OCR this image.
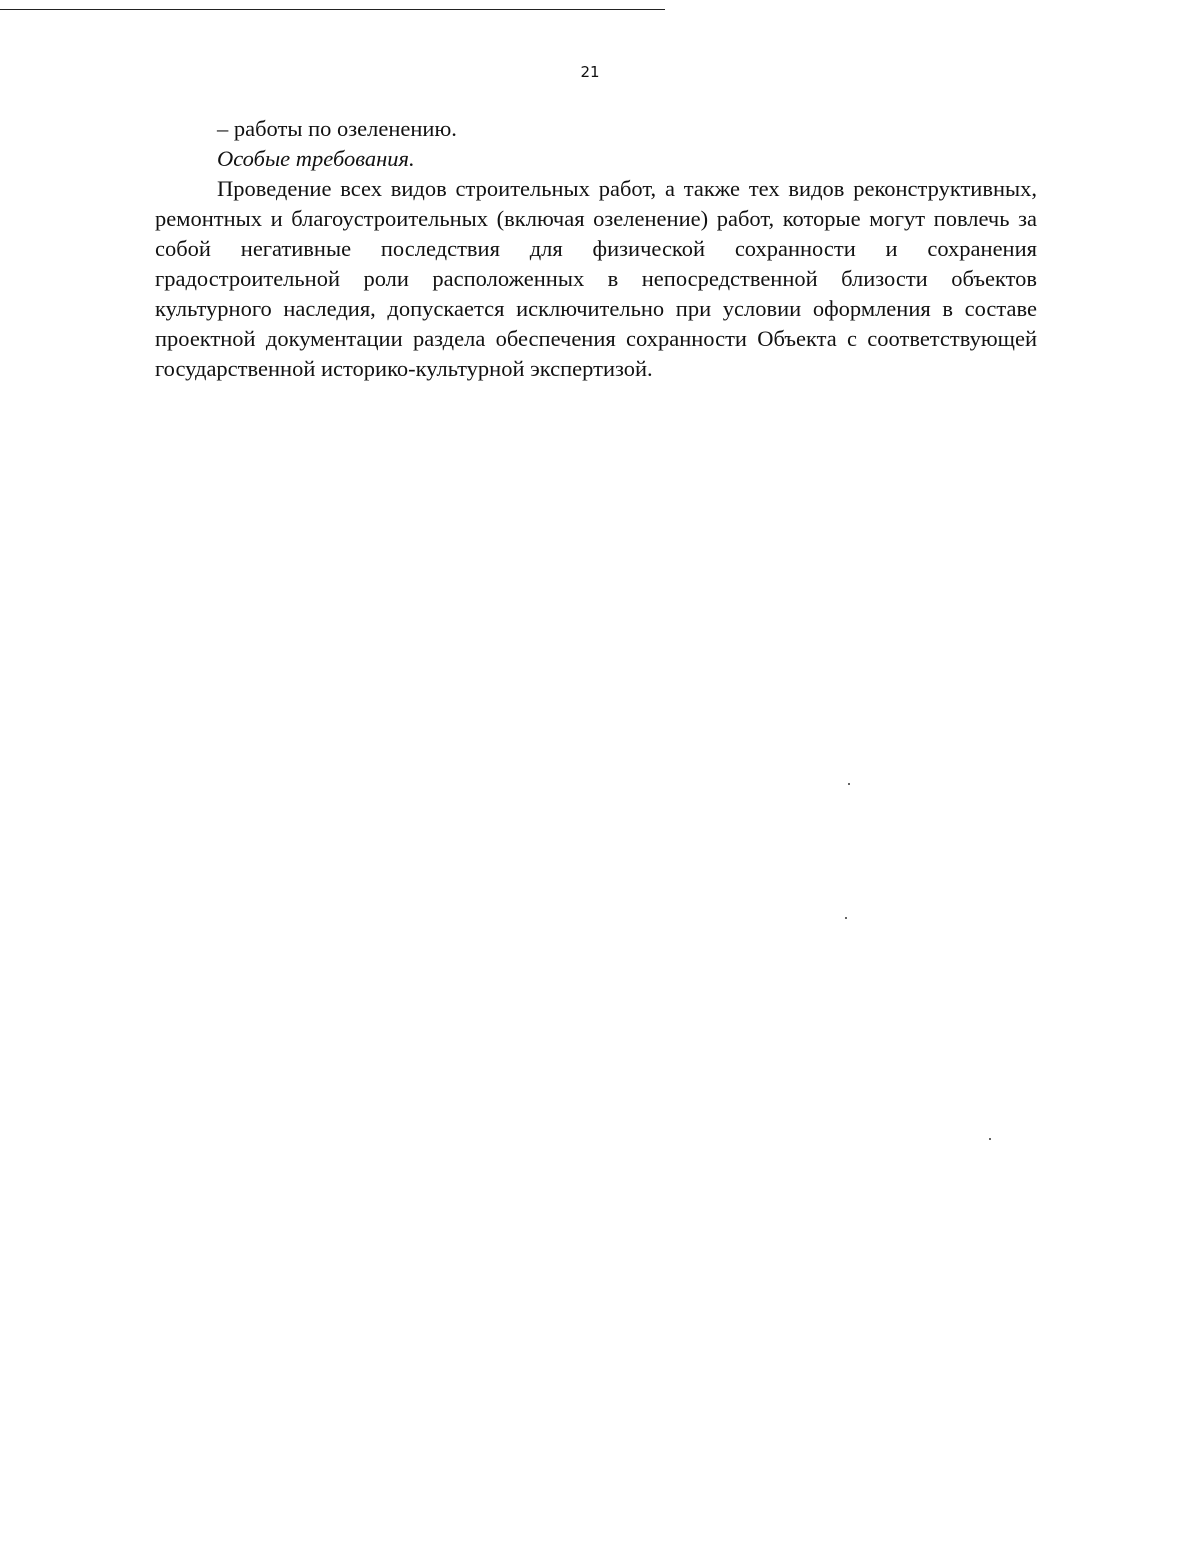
21

– работы по озеленению.

Особые требования.

Проведение всех видов строительных работ, а также тех видов реконструктивных, ремонтных и благоустроительных (включая озеленение) работ, которые могут повлечь за собой негативные последствия для физической сохранности и сохранения градостроительной роли расположенных в непосредственной близости объектов культурного наследия, допускается исключительно при условии оформления в составе проектной документации раздела обеспечения сохранности Объекта с соответствующей государственной историко-культурной экспертизой.
